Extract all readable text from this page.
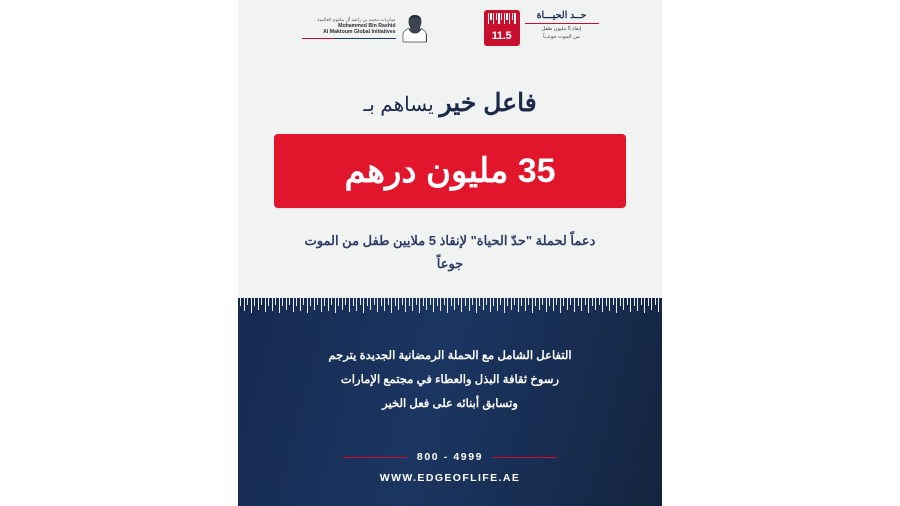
مبادرات محمد بن راشد آل مكتوم العالمية
Mohammed Bin Rashid
Al Maktoum Global Initiatives
حــد الحيـــاة
إنقاذ 5 ملیون طفل
من الموت جوعــاً
11.5
فاعل خير يساهم بـ
35 مليون درهم
دعماً لحملة "حدّ الحياة" لإنقاذ 5 ملايين طفل من الموت جوعاً
التفاعل الشامل مع الحملة الرمضانية الجديدة يترجم
رسوخ ثقافة البذل والعطاء في مجتمع الإمارات
وتسابق أبنائه على فعل الخير
800 - 4999
WWW.EDGEOFLIFE.AE
